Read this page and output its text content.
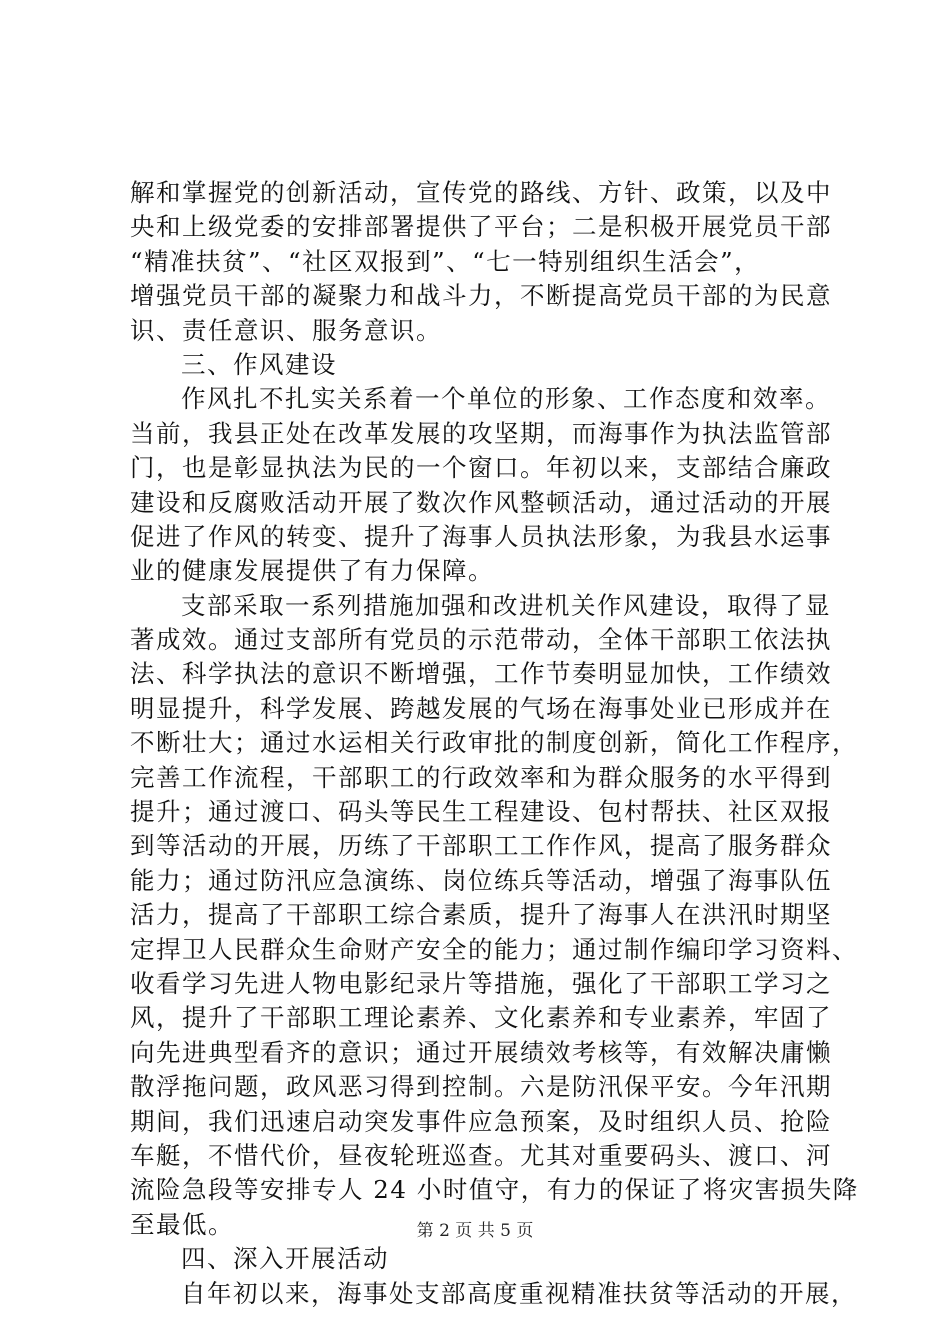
解和掌握党的创新活动，宣传党的路线、方针、政策，以及中
央和上级党委的安排部署提供了平台；二是积极开展党员干部
“精准扶贫”、“社区双报到”、“七一特别组织生活会”，
增强党员干部的凝聚力和战斗力，不断提高党员干部的为民意
识、责任意识、服务意识。
三、作风建设
作风扎不扎实关系着一个单位的形象、工作态度和效率。
当前，我县正处在改革发展的攻坚期，而海事作为执法监管部
门，也是彰显执法为民的一个窗口。年初以来，支部结合廉政
建设和反腐败活动开展了数次作风整顿活动，通过活动的开展
促进了作风的转变、提升了海事人员执法形象，为我县水运事
业的健康发展提供了有力保障。
支部采取一系列措施加强和改进机关作风建设，取得了显
著成效。通过支部所有党员的示范带动，全体干部职工依法执
法、科学执法的意识不断增强，工作节奏明显加快，工作绩效
明显提升，科学发展、跨越发展的气场在海事处业已形成并在
不断壮大；通过水运相关行政审批的制度创新，简化工作程序，
完善工作流程，干部职工的行政效率和为群众服务的水平得到
提升；通过渡口、码头等民生工程建设、包村帮扶、社区双报
到等活动的开展，历练了干部职工工作作风，提高了服务群众
能力；通过防汛应急演练、岗位练兵等活动，增强了海事队伍
活力，提高了干部职工综合素质，提升了海事人在洪汛时期坚
定捍卫人民群众生命财产安全的能力；通过制作编印学习资料、
收看学习先进人物电影纪录片等措施，强化了干部职工学习之
风，提升了干部职工理论素养、文化素养和专业素养，牢固了
向先进典型看齐的意识；通过开展绩效考核等，有效解决庸懒
散浮拖问题，政风恶习得到控制。六是防汛保平安。今年汛期
期间，我们迅速启动突发事件应急预案，及时组织人员、抢险
车艇，不惜代价，昼夜轮班巡查。尤其对重要码头、渡口、河
流险急段等安排专人 24 小时值守，有力的保证了将灾害损失降
至最低。
四、深入开展活动
自年初以来，海事处支部高度重视精准扶贫等活动的开展，
第 2 页 共 5 页
